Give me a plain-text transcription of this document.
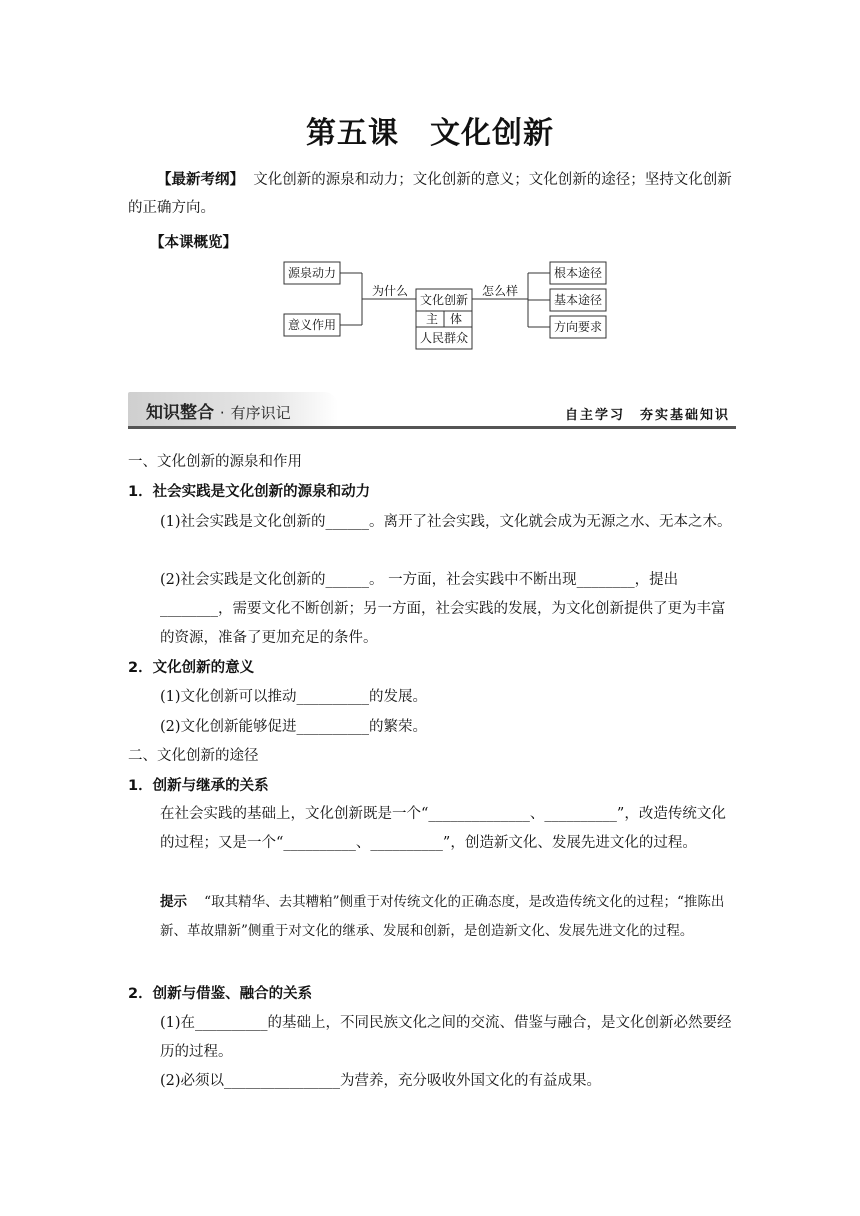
第五课　文化创新
【最新考纲】 文化创新的源泉和动力；文化创新的意义；文化创新的途径；坚持文化创新的正确方向。
【本课概览】
源泉动力
意义作用
为什么
文化创新
主　体
人民群众
怎么样
根本途径
基本途径
方向要求
知识整合 · 有序识记	自主学习　夯实基础知识
一、文化创新的源泉和作用
1．社会实践是文化创新的源泉和动力
(1)社会实践是文化创新的______。离开了社会实践，文化就会成为无源之水、无本之木。
(2)社会实践是文化创新的______。 一方面，社会实践中不断出现________，提出________，需要文化不断创新；另一方面，社会实践的发展，为文化创新提供了更为丰富的资源，准备了更加充足的条件。
2．文化创新的意义
(1)文化创新可以推动__________的发展。
(2)文化创新能够促进__________的繁荣。
二、文化创新的途径
1．创新与继承的关系
在社会实践的基础上，文化创新既是一个“______________、__________”，改造传统文化的过程；又是一个“__________、__________”，创造新文化、发展先进文化的过程。
提示 “取其精华、去其糟粕”侧重于对传统文化的正确态度，是改造传统文化的过程；“推陈出新、革故鼎新”侧重于对文化的继承、发展和创新，是创造新文化、发展先进文化的过程。
2．创新与借鉴、融合的关系
(1)在__________的基础上，不同民族文化之间的交流、借鉴与融合，是文化创新必然要经历的过程。
(2)必须以________________为营养，充分吸收外国文化的有益成果。
